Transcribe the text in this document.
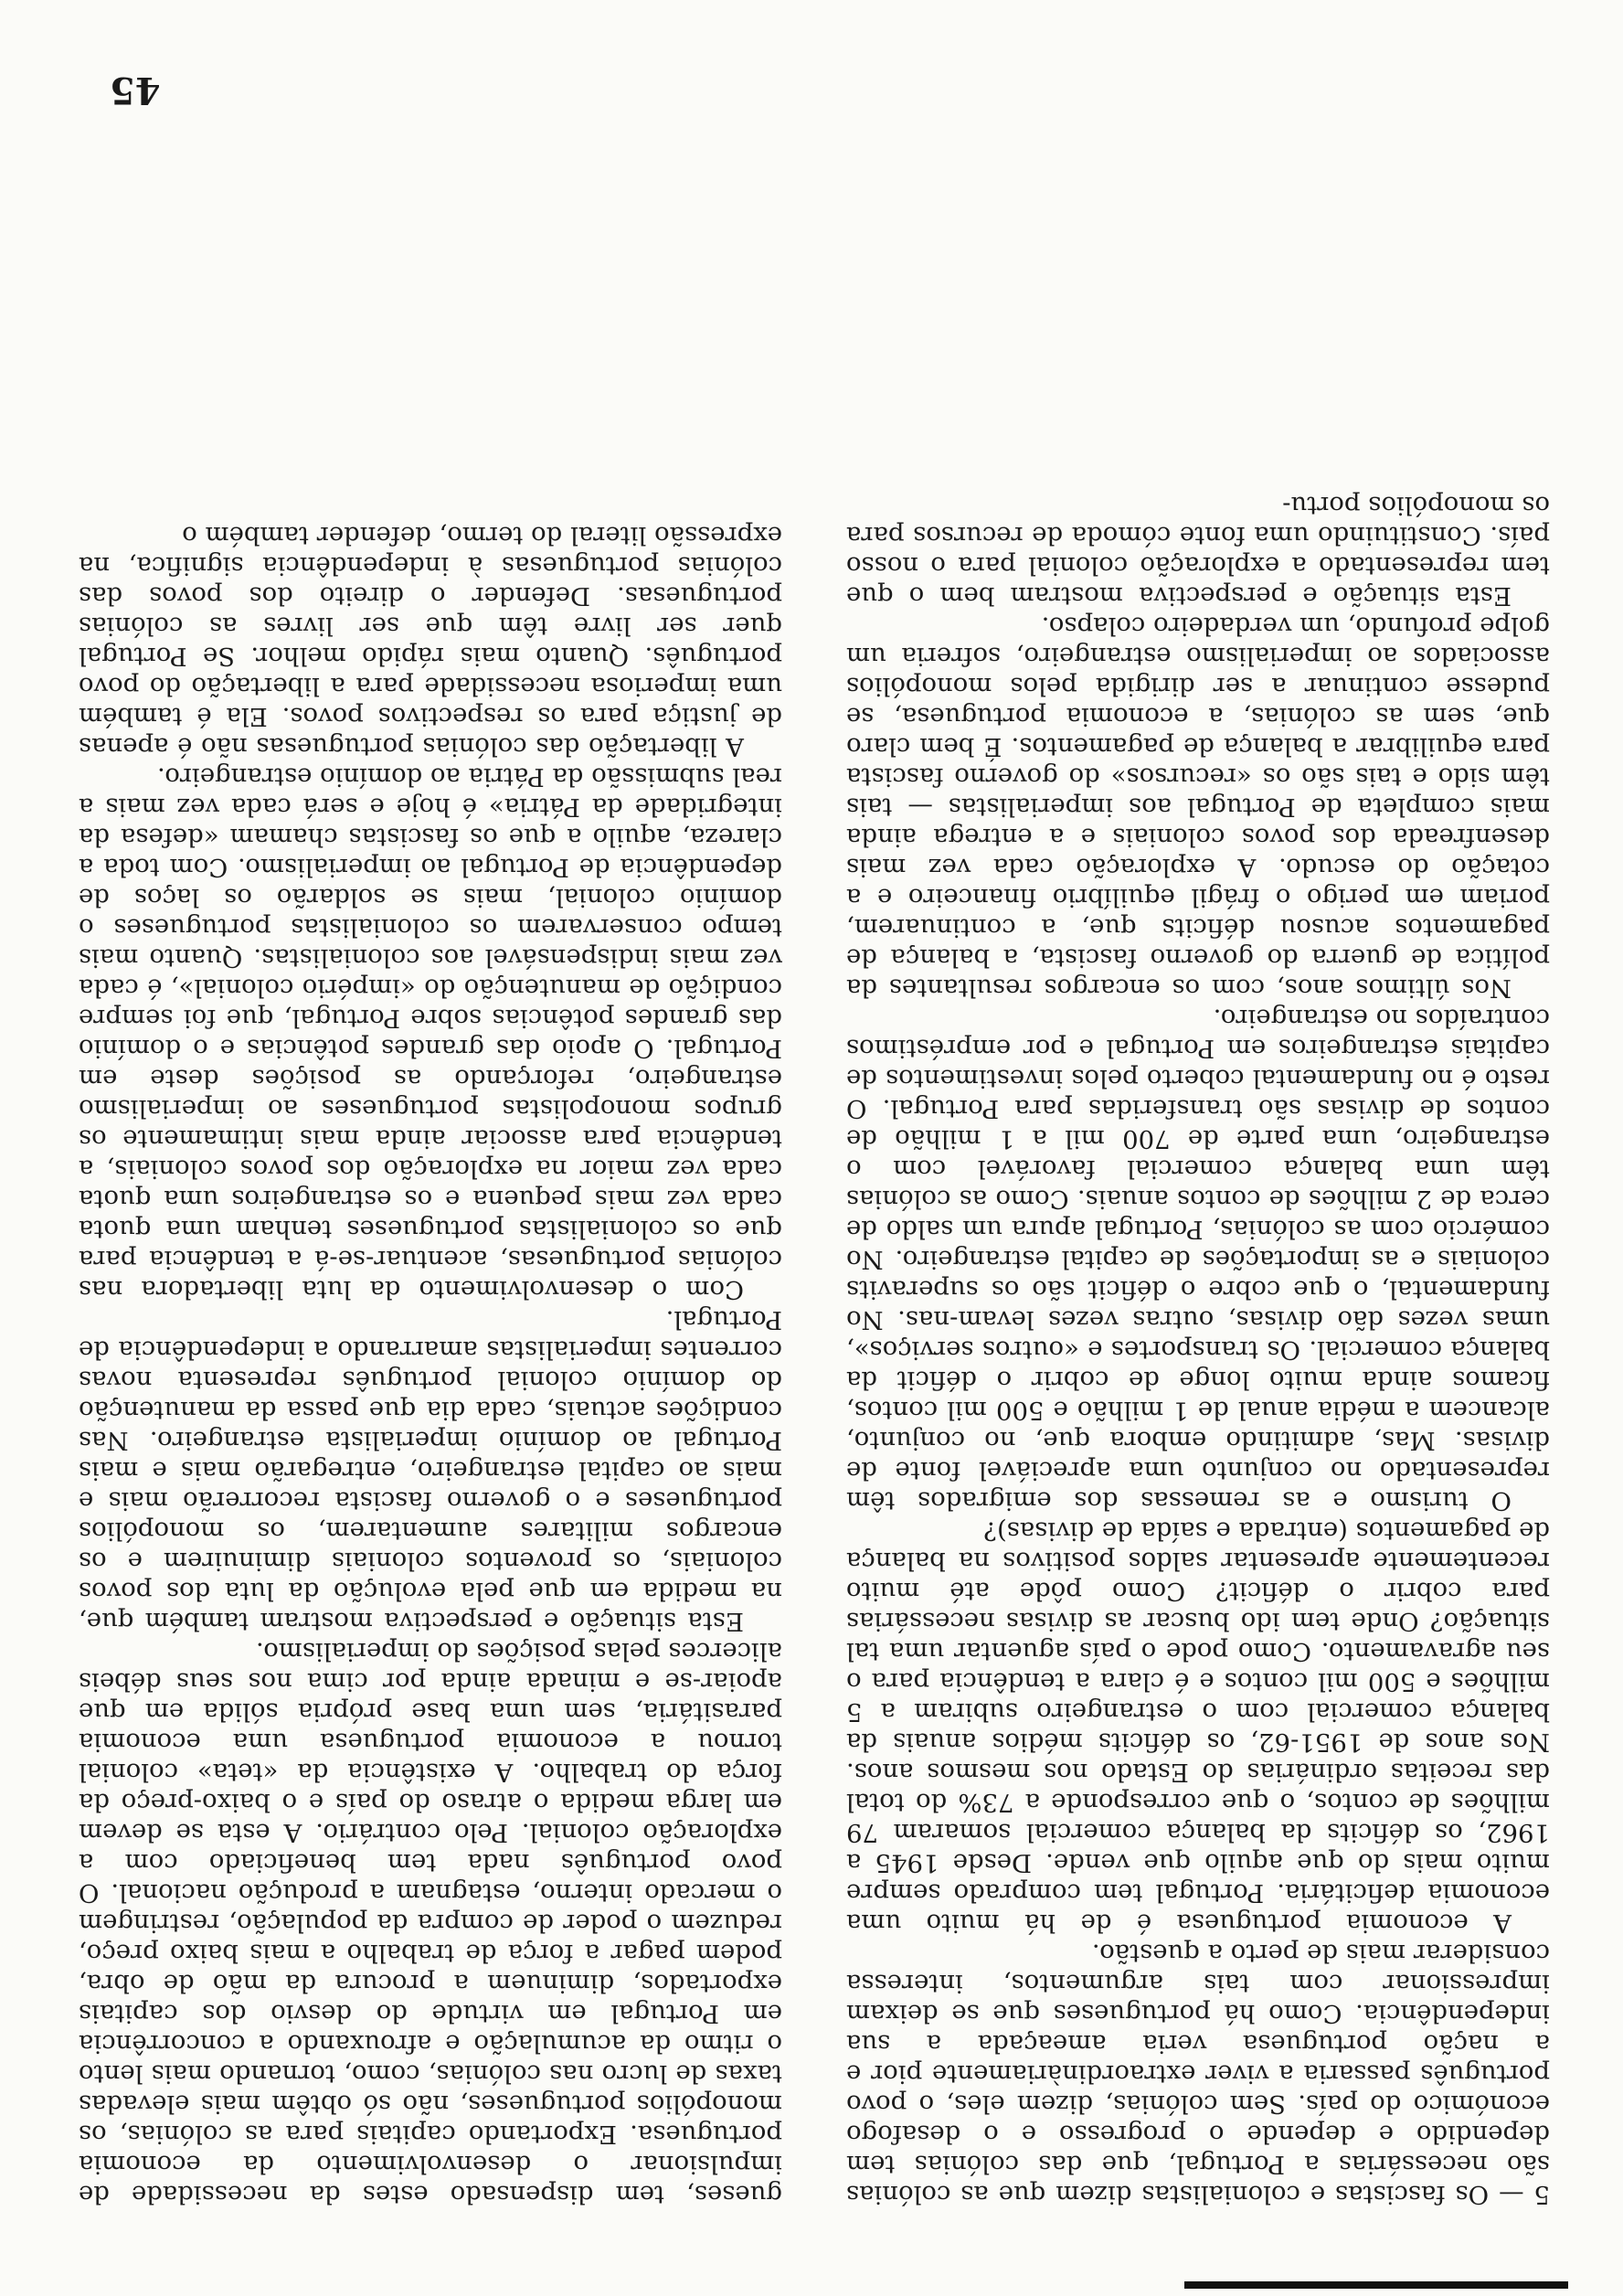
5 — Os fascistas e colonialistas dizem que as colónias são necessárias a Portugal, que das colónias tem dependido e depende o progresso e o desafogo económico do país. Sem colónias, dizem eles, o povo português passaria a viver extraordinàriamente pior e a nação portuguesa veria ameaçada a sua independência. Como há portugueses que se deixam impressionar com tais argumentos, interessa considerar mais de perto a questão.

A economia portuguesa é de há muito uma economia deficitária. Portugal tem comprado sempre muito mais do que aquilo que vende. Desde 1945 a 1962, os déficits da balança comercial somaram 79 milhões de contos, o que corresponde a 73% do total das receitas ordinárias do Estado nos mesmos anos. Nos anos de 1951-62, os déficits médios anuais da balança comercial com o estrangeiro subiram a 5 milhões e 500 mil contos e é clara a tendência para o seu agravamento. Como pode o país aguentar uma tal situação? Onde tem ido buscar as divisas necessárias para cobrir o déficit? Como pôde até muito recentemente apresentar saldos positivos na balança de pagamentos (entrada e saída de divisas)?

O turismo e as remessas dos emigrados têm representado no conjunto uma apreciável fonte de divisas. Mas, admitindo embora que, no conjunto, alcancem a média anual de 1 milhão e 500 mil contos, ficamos ainda muito longe de cobrir o déficit da balança comercial. Os transportes e «outros serviços», umas vezes dão divisas, outras vezes levam-nas. No fundamental, o que cobre o déficit são os superavits coloniais e as importações de capital estrangeiro. No comércio com as colónias, Portugal apura um saldo de cerca de 2 milhões de contos anuais. Como as colónias têm uma balança comercial favorável com o estrangeiro, uma parte de 700 mil a 1 milhão de contos de divisas são transferidas para Portugal. O resto é no fundamental coberto pelos investimentos de capitais estrangeiros em Portugal e por empréstimos contraídos no estrangeiro.

Nos últimos anos, com os encargos resultantes da política de guerra do governo fascista, a balança de pagamentos acusou déficits que, a continuarem, poriam em perigo o frágil equilíbrio financeiro e a cotação do escudo. A exploração cada vez mais desenfreada dos povos coloniais e a entrega ainda mais completa de Portugal aos imperialistas — tais têm sido e tais são os «recursos» do governo fascista para equilibrar a balança de pagamentos. É bem claro que, sem as colónias, a economia portuguesa, se pudesse continuar a ser dirigida pelos monopólios associados ao imperialismo estrangeiro, sofreria um golpe profundo, um verdadeiro colapso.

Esta situação e perspectiva mostram bem o que tem representado a exploração colonial para o nosso país. Constituindo uma fonte cómoda de recursos para os monopólios portu-

gueses, tem dispensado estes da necessidade de impulsionar o desenvolvimento da economia portuguesa. Exportando capitais para as colónias, os monopólios portugueses, não só obtêm mais elevadas taxas de lucro nas colónias, como, tornando mais lento o ritmo da acumulação e afrouxando a concorrência em Portugal em virtude do desvio dos capitais exportados, diminuem a procura da mão de obra, podem pagar a força de trabalho a mais baixo preço, reduzem o poder de compra da população, restringem o mercado interno, estagnam a produção nacional. O povo português nada tem beneficiado com a exploração colonial. Pelo contrário. A esta se devem em larga medida o atraso do país e o baixo-preço da força do trabalho. A existência da «teta» colonial tornou a economia portuguesa uma economia parasitária, sem uma base própria sólida em que apoiar-se e minada ainda por cima nos seus débeis alicerces pelas posições do imperialismo.

Esta situação e perspectiva mostram também que, na medida em que pela evolução da luta dos povos coloniais, os proventos coloniais diminuirem e os encargos militares aumentarem, os monopólios portugueses e o governo fascista recorrerão mais e mais ao capital estrangeiro, entregarão mais e mais Portugal ao domínio imperialista estrangeiro. Nas condições actuais, cada dia que passa da manutenção do domínio colonial português representa novas correntes imperialistas amarrando a independência de Portugal.

Com o desenvolvimento da luta libertadora nas colónias portuguesas, acentuar-se-á a tendência para que os colonialistas portugueses tenham uma quota cada vez mais pequena e os estrangeiros uma quota cada vez maior na exploração dos povos coloniais, a tendência para associar ainda mais intimamente os grupos monopolistas portugueses ao imperialismo estrangeiro, reforçando as posições deste em Portugal. O apoio das grandes potências e o domínio das grandes potências sobre Portugal, que foi sempre condição de manutenção do «império colonial», é cada vez mais indispensável aos colonialistas. Quanto mais tempo conservarem os colonialistas portugueses o domínio colonial, mais se soldarão os laços de dependência de Portugal ao imperialismo. Com toda a clareza, aquilo a que os fascistas chamam «defesa da integridade da Pátria» é hoje e será cada vez mais a real submissão da Pátria ao domínio estrangeiro.

A libertação das colónias portuguesas não é apenas de justiça para os respectivos povos. Ela é também uma imperiosa necessidade para a libertação do povo português. Quanto mais rápido melhor. Se Portugal quer ser livre têm que ser livres as colónias portuguesas. Defender o direito dos povos das colónias portuguesas à independência significa, na expressão literal do termo, defender também o

45
